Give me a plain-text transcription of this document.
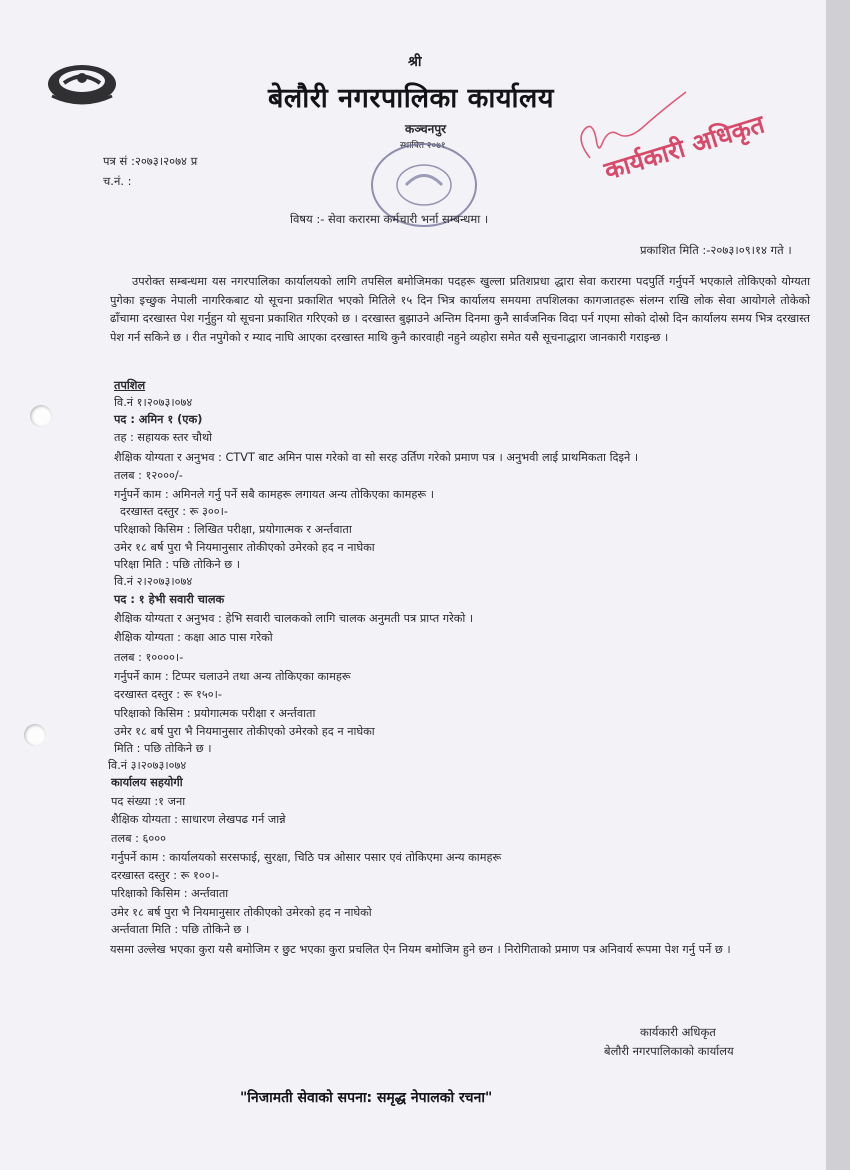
श्री
बेलौरी नगरपालिका कार्यालय
कञ्चनपुर
स्थापित २०७१
पत्र सं :२०७३।२०७४ प्र
च.नं. :	कार्यकारी अधिकृत
विषय :- सेवा करारमा कर्मचारी भर्ना सम्बन्धमा ।
प्रकाशित मिति :-२०७३।०९।१४ गते ।
उपरोक्त सम्बन्धमा यस नगरपालिका कार्यालयको लागि तपसिल बमोजिमका पदहरू खुल्ला प्रतिशप्रधा द्धारा सेवा करारमा पदपुर्ति गर्नुपर्ने भएकाले तोकिएको योग्यता पुगेका इच्छुक नेपाली नागरिकबाट यो सूचना प्रकाशित भएको मितिले १५ दिन भित्र कार्यालय समयमा तपशिलका कागजातहरू संलग्न राखि लोक सेवा आयोगले तोकेको ढाँचामा दरखास्त पेश गर्नुहुन यो सूचना प्रकाशित गरिएको छ । दरखास्त बुझाउने अन्तिम दिनमा कुनै सार्वजनिक विदा पर्न गएमा सोको दोस्रो दिन कार्यालय समय भित्र दरखास्त पेश गर्न सकिने छ । रीत नपुगेको र म्याद नाघि आएका दरखास्त माथि कुनै कारवाही नहुने व्यहोरा समेत यसै सूचनाद्धारा जानकारी गराइन्छ ।
तपशिल
वि.नं १।२०७३।०७४
पद : अमिन १ (एक)
तह : सहायक स्तर चौथो
शैक्षिक योग्यता र अनुभव : CTVT बाट अमिन पास गरेको वा सो सरह उर्तिण गरेको प्रमाण पत्र । अनुभवी लाई प्राथमिकता दिइने ।
तलब : १२०००/-
गर्नुपर्ने काम : अमिनले गर्नु पर्ने सबै कामहरू लगायत अन्य तोकिएका कामहरू ।
दरखास्त दस्तुर : रू ३००।-
परिक्षाको किसिम : लिखित परीक्षा, प्रयोगात्मक र अर्न्तवाता
उमेर १८ बर्ष पुरा भै नियमानुसार तोकीएको उमेरको हद न नाघेका
परिक्षा मिति : पछि तोकिने छ ।
वि.नं २।२०७३।०७४
पद : १ हेभी सवारी चालक
शैक्षिक योग्यता र अनुभव : हेभि सवारी चालकको लागि चालक अनुमती पत्र प्राप्त गरेको ।
शैक्षिक योग्यता : कक्षा आठ पास गरेको
तलब : १००००।-
गर्नुपर्ने काम : टिप्पर चलाउने तथा अन्य तोकिएका कामहरू
दरखास्त दस्तुर : रू १५०।-
परिक्षाको किसिम : प्रयोगात्मक परीक्षा र अर्न्तवाता
उमेर १८ बर्ष पुरा भै नियमानुसार तोकीएको उमेरको हद न नाघेका
मिति : पछि तोकिने छ ।
वि.नं ३।२०७३।०७४
कार्यालय सहयोगी
पद संख्या :१ जना
शैक्षिक योग्यता : साधारण लेखपढ गर्न जान्ने
तलब : ६०००
गर्नुपर्ने काम : कार्यालयको सरसफाई, सुरक्षा, चिठि पत्र ओसार पसार एवं तोकिएमा अन्य कामहरू
दरखास्त दस्तुर : रू १००।-
परिक्षाको किसिम : अर्न्तवाता
उमेर १८ बर्ष पुरा भै नियमानुसार तोकीएको उमेरको हद न नाघेको
अर्न्तवाता मिति : पछि तोकिने छ ।
यसमा उल्लेख भएका कुरा यसै बमोजिम र छुट भएका कुरा प्रचलित ऐन नियम बमोजिम हुने छन । निरोगिताको प्रमाण पत्र अनिवार्य रूपमा पेश गर्नु पर्ने छ ।
कार्यकारी अधिकृत
बेलौरी नगरपालिकाको कार्यालय
"निजामती सेवाको सपना: समृद्ध नेपालको रचना"
